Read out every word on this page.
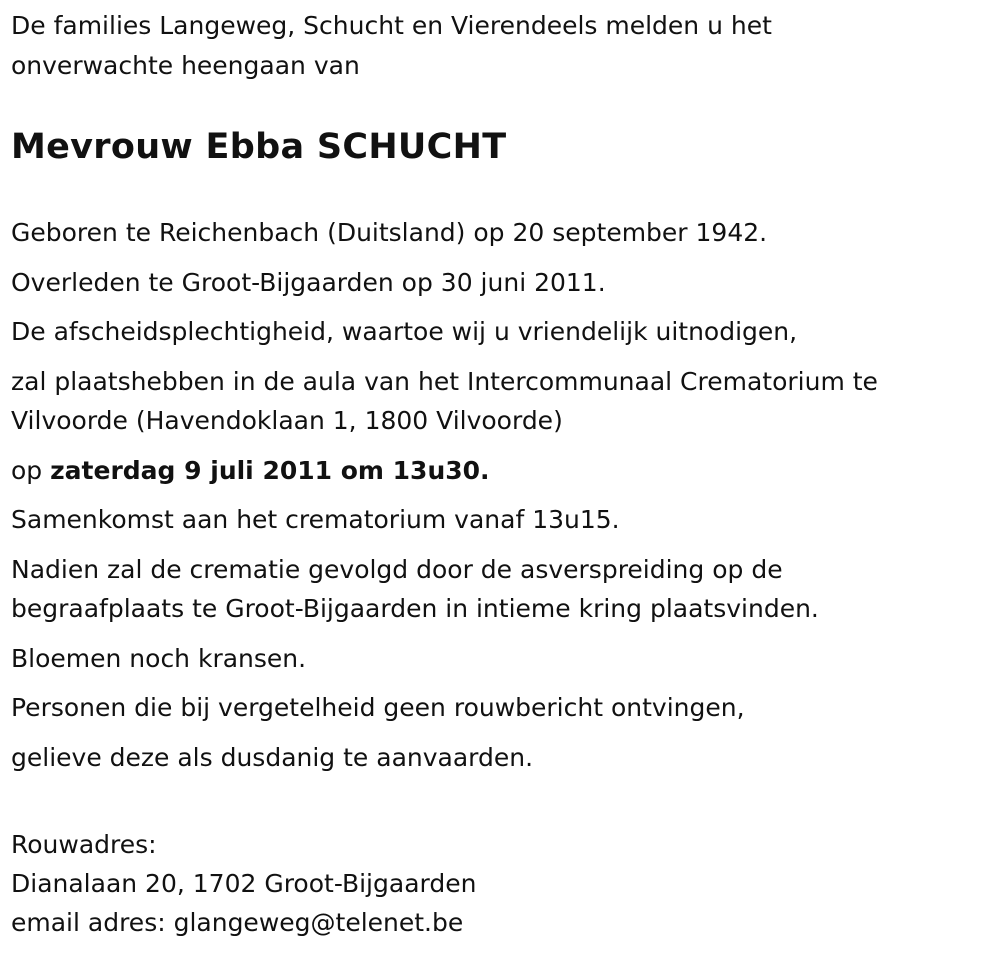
De families Langeweg, Schucht en Vierendeels melden u het

onverwachte heengaan van

Mevrouw Ebba SCHUCHT

Geboren te Reichenbach (Duitsland) op 20 september 1942.

Overleden te Groot-Bijgaarden op 30 juni 2011.

De afscheidsplechtigheid, waartoe wij u vriendelijk uitnodigen,

zal plaatshebben in de aula van het Intercommunaal Crematorium te

Vilvoorde (Havendoklaan 1, 1800 Vilvoorde)

op zaterdag 9 juli 2011 om 13u30.

Samenkomst aan het crematorium vanaf 13u15.

Nadien zal de crematie gevolgd door de asverspreiding op de

begraafplaats te Groot-Bijgaarden in intieme kring plaatsvinden.

Bloemen noch kransen.

Personen die bij vergetelheid geen rouwbericht ontvingen,

gelieve deze als dusdanig te aanvaarden.

Rouwadres:

Dianalaan 20, 1702 Groot-Bijgaarden

email adres: glangeweg@telenet.be
